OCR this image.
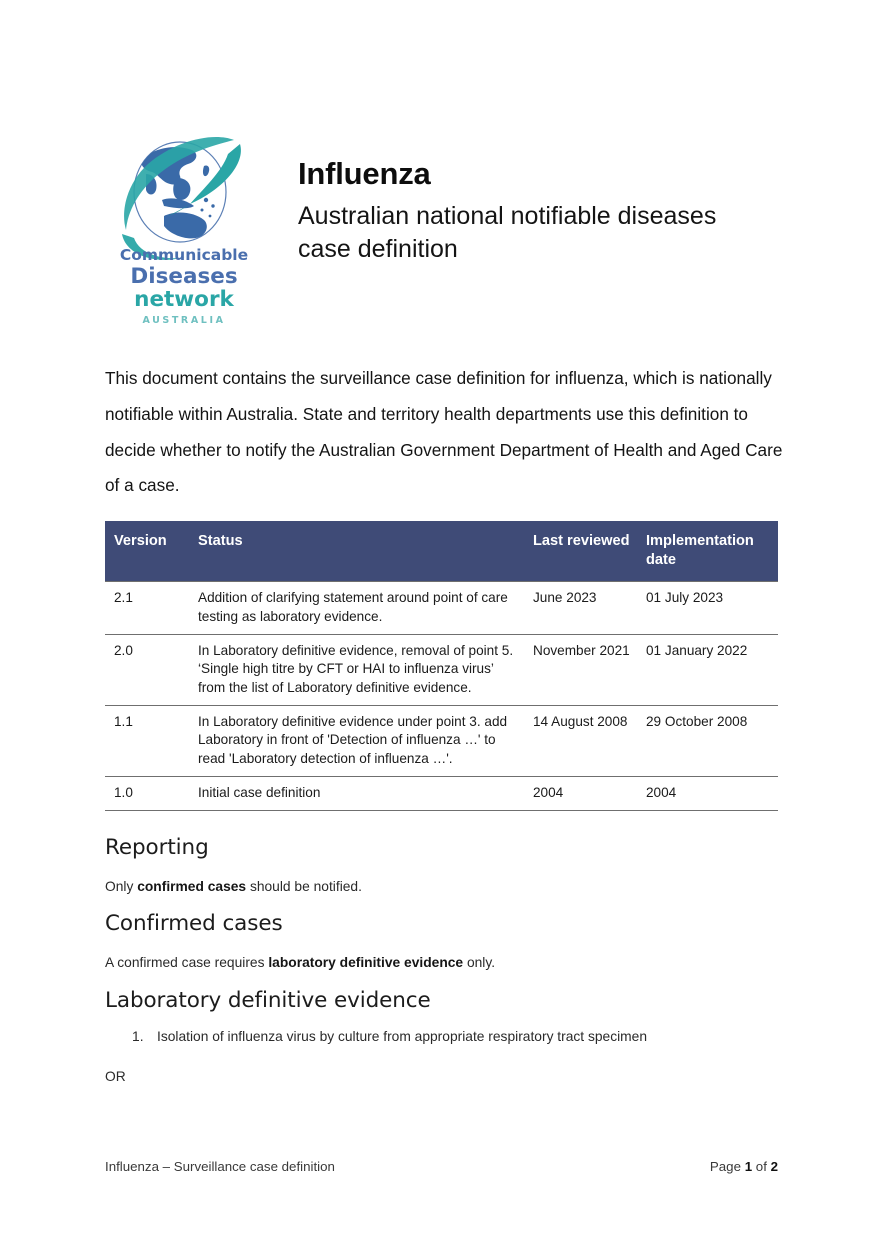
Communicable
Diseases
network
AUSTRALIA
Influenza
Australian national notifiable diseases case definition

This document contains the surveillance case definition for influenza, which is nationally notifiable within Australia. State and territory health departments use this definition to decide whether to notify the Australian Government Department of Health and Aged Care of a case.

Version	Status	Last reviewed	Implementation date
2.1	Addition of clarifying statement around point of care testing as laboratory evidence.	June 2023	01 July 2023
2.0	In Laboratory definitive evidence, removal of point 5. ‘Single high titre by CFT or HAI to influenza virus’ from the list of Laboratory definitive evidence.	November 2021	01 January 2022
1.1	In Laboratory definitive evidence under point 3. add Laboratory in front of 'Detection of influenza …' to read 'Laboratory detection of influenza …'.	14 August 2008	29 October 2008
1.0	Initial case definition	2004	2004
Reporting

Only confirmed cases should be notified.

Confirmed cases

A confirmed case requires laboratory definitive evidence only.

Laboratory definitive evidence
Isolation of influenza virus by culture from appropriate respiratory tract specimen

OR

Influenza – Surveillance case definition	Page 1 of 2
